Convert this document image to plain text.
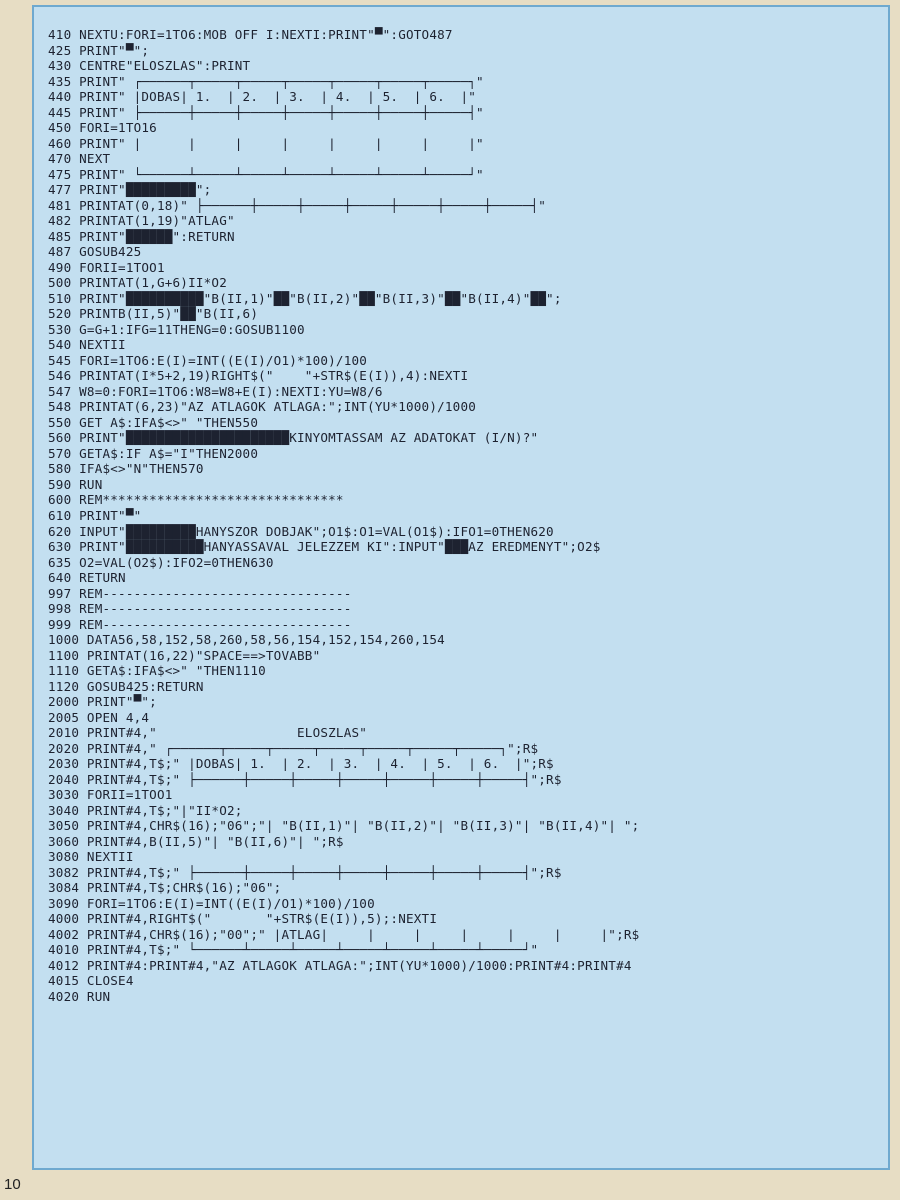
410 NEXTU:FORI=1TO6:MOB OFF I:NEXTI:PRINT"▀":GOTO487
425 PRINT"▀";
430 CENTRE"ELOSZLAS":PRINT
435 PRINT" ┌──────┬─────┬─────┬─────┬─────┬─────┬─────┐"
440 PRINT" |DOBAS| 1.  | 2.  | 3.  | 4.  | 5.  | 6.  |"
445 PRINT" ├──────┼─────┼─────┼─────┼─────┼─────┼─────┤"
450 FORI=1TO16
460 PRINT" |      |     |     |     |     |     |     |"
470 NEXT
475 PRINT" └──────┴─────┴─────┴─────┴─────┴─────┴─────┘"
477 PRINT"█████████";
481 PRINTAT(0,18)" ├──────┼─────┼─────┼─────┼─────┼─────┼─────┤"
482 PRINTAT(1,19)"ATLAG"
485 PRINT"██████":RETURN
487 GOSUB425
490 FORII=1TOO1
500 PRINTAT(1,G+6)II*O2
510 PRINT"██████████"B(II,1)"██"B(II,2)"██"B(II,3)"██"B(II,4)"██";
520 PRINTB(II,5)"██"B(II,6)
530 G=G+1:IFG=11THENG=0:GOSUB1100
540 NEXTII
545 FORI=1TO6:E(I)=INT((E(I)/O1)*100)/100
546 PRINTAT(I*5+2,19)RIGHT$("    "+STR$(E(I)),4):NEXTI
547 W8=0:FORI=1TO6:W8=W8+E(I):NEXTI:YU=W8/6
548 PRINTAT(6,23)"AZ ATLAGOK ATLAGA:";INT(YU*1000)/1000
550 GET A$:IFA$<>" "THEN550
560 PRINT"█████████████████████KINYOMTASSAM AZ ADATOKAT (I/N)?"
570 GETA$:IF A$="I"THEN2000
580 IFA$<>"N"THEN570
590 RUN
600 REM*******************************
610 PRINT"▀"
620 INPUT"█████████HANYSZOR DOBJAK";O1$:O1=VAL(O1$):IFO1=0THEN620
630 PRINT"██████████HANYASSAVAL JELEZZEM KI":INPUT"███AZ EREDMENYT";O2$
635 O2=VAL(O2$):IFO2=0THEN630
640 RETURN
997 REM--------------------------------
998 REM--------------------------------
999 REM--------------------------------
1000 DATA56,58,152,58,260,58,56,154,152,154,260,154
1100 PRINTAT(16,22)"SPACE==>TOVABB"
1110 GETA$:IFA$<>" "THEN1110
1120 GOSUB425:RETURN
2000 PRINT"▀";
2005 OPEN 4,4
2010 PRINT#4,"                  ELOSZLAS"
2020 PRINT#4," ┌──────┬─────┬─────┬─────┬─────┬─────┬─────┐";R$
2030 PRINT#4,T$;" |DOBAS| 1.  | 2.  | 3.  | 4.  | 5.  | 6.  |";R$
2040 PRINT#4,T$;" ├──────┼─────┼─────┼─────┼─────┼─────┼─────┤";R$
3030 FORII=1TOO1
3040 PRINT#4,T$;"|"II*O2;
3050 PRINT#4,CHR$(16);"06";"| "B(II,1)"| "B(II,2)"| "B(II,3)"| "B(II,4)"| ";
3060 PRINT#4,B(II,5)"| "B(II,6)"| ";R$
3080 NEXTII
3082 PRINT#4,T$;" ├──────┼─────┼─────┼─────┼─────┼─────┼─────┤";R$
3084 PRINT#4,T$;CHR$(16);"06";
3090 FORI=1TO6:E(I)=INT((E(I)/O1)*100)/100
4000 PRINT#4,RIGHT$("       "+STR$(E(I)),5);:NEXTI
4002 PRINT#4,CHR$(16);"00";" |ATLAG|     |     |     |     |     |     |";R$
4010 PRINT#4,T$;" └──────┴─────┴─────┴─────┴─────┴─────┴─────┘"
4012 PRINT#4:PRINT#4,"AZ ATLAGOK ATLAGA:";INT(YU*1000)/1000:PRINT#4:PRINT#4
4015 CLOSE4
4020 RUN
10
